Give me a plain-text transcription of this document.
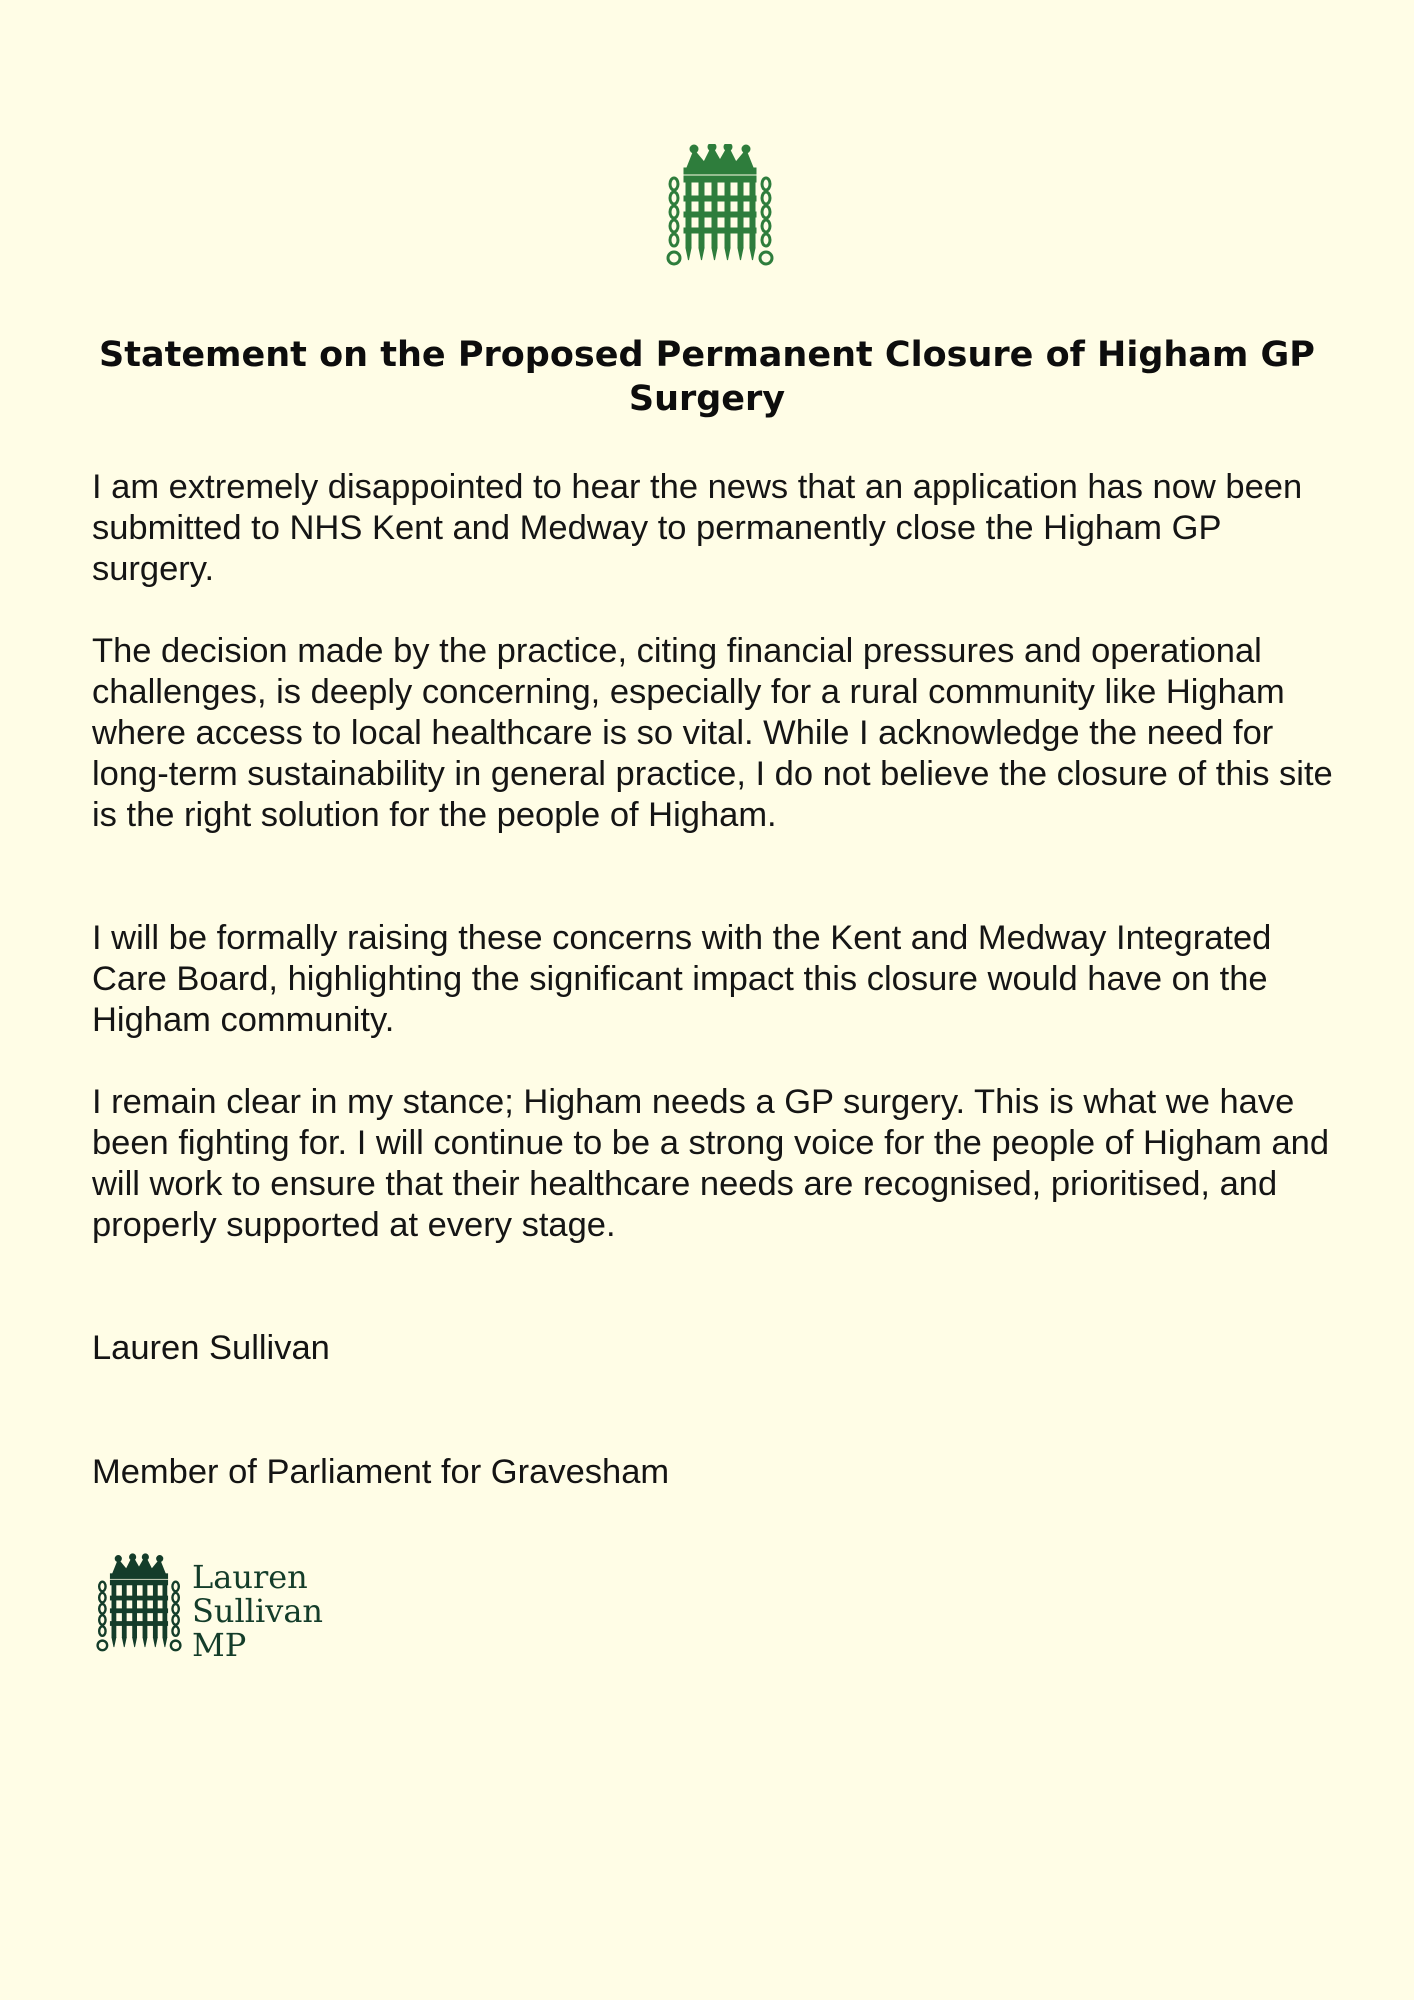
Statement on the Proposed Permanent Closure of Higham GP Surgery

I am extremely disappointed to hear the news that an application has now been submitted to NHS Kent and Medway to permanently close the Higham GP surgery.

The decision made by the practice, citing financial pressures and operational challenges, is deeply concerning, especially for a rural community like Higham where access to local healthcare is so vital. While I acknowledge the need for long-term sustainability in general practice, I do not believe the closure of this site is the right solution for the people of Higham.

I will be formally raising these concerns with the Kent and Medway Integrated Care Board, highlighting the significant impact this closure would have on the Higham community.

I remain clear in my stance; Higham needs a GP surgery. This is what we have been fighting for. I will continue to be a strong voice for the people of Higham and will work to ensure that their healthcare needs are recognised, prioritised, and properly supported at every stage.

Lauren Sullivan

Member of Parliament for Gravesham

Lauren
Sullivan
MP
